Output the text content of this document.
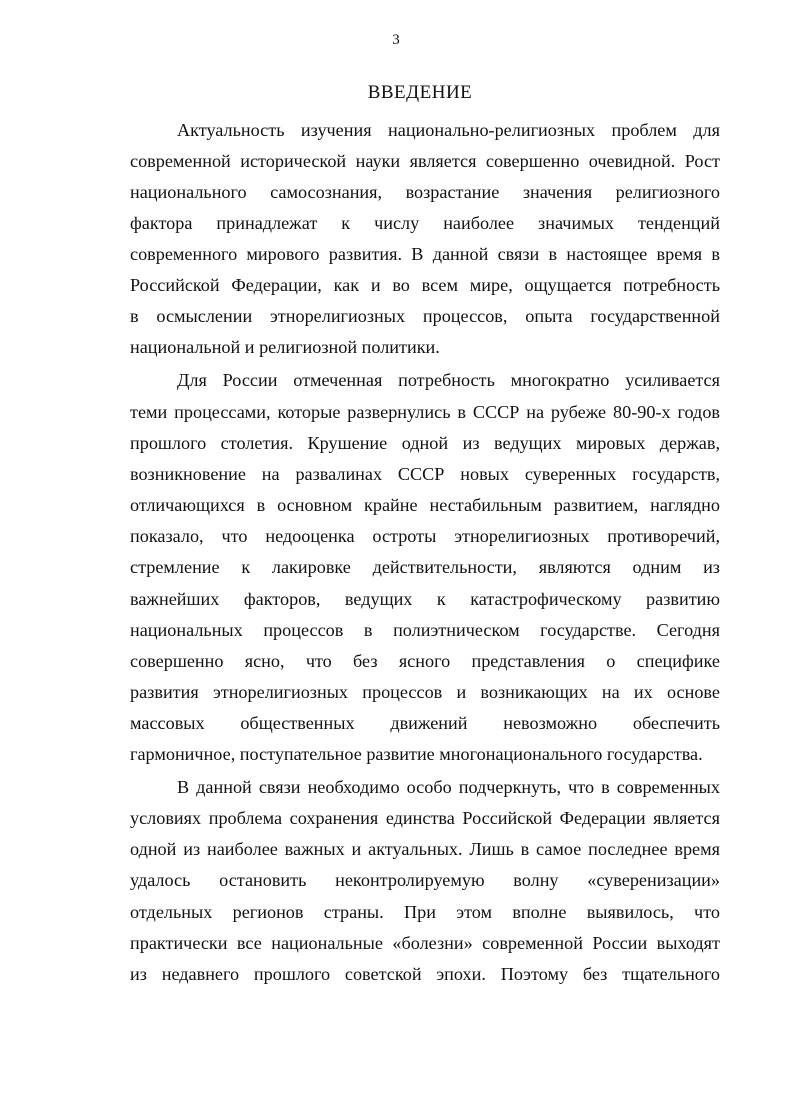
3
ВВЕДЕНИЕ
Актуальность изучения национально-религиозных проблем для
современной исторической науки является совершенно очевидной. Рост
национального самосознания, возрастание значения религиозного
фактора принадлежат к числу наиболее значимых тенденций
современного мирового развития. В данной связи в настоящее время в
Российской Федерации, как и во всем мире, ощущается потребность
в осмыслении этнорелигиозных процессов, опыта государственной
национальной и религиозной политики.
Для России отмеченная потребность многократно усиливается
теми процессами, которые развернулись в СССР на рубеже 80-90-х годов
прошлого столетия. Крушение одной из ведущих мировых держав,
возникновение на развалинах СССР новых суверенных государств,
отличающихся в основном крайне нестабильным развитием, наглядно
показало, что недооценка остроты этнорелигиозных противоречий,
стремление к лакировке действительности, являются одним из
важнейших факторов, ведущих к катастрофическому развитию
национальных процессов в полиэтническом государстве. Сегодня
совершенно ясно, что без ясного представления о специфике
развития этнорелигиозных процессов и возникающих на их основе
массовых общественных движений невозможно обеспечить
гармоничное, поступательное развитие многонационального государства.
В данной связи необходимо особо подчеркнуть, что в современных
условиях проблема сохранения единства Российской Федерации является
одной из наиболее важных и актуальных. Лишь в самое последнее время
удалось остановить неконтролируемую волну «суверенизации»
отдельных регионов страны. При этом вполне выявилось, что
практически все национальные «болезни» современной России выходят
из недавнего прошлого советской эпохи. Поэтому без тщательного
